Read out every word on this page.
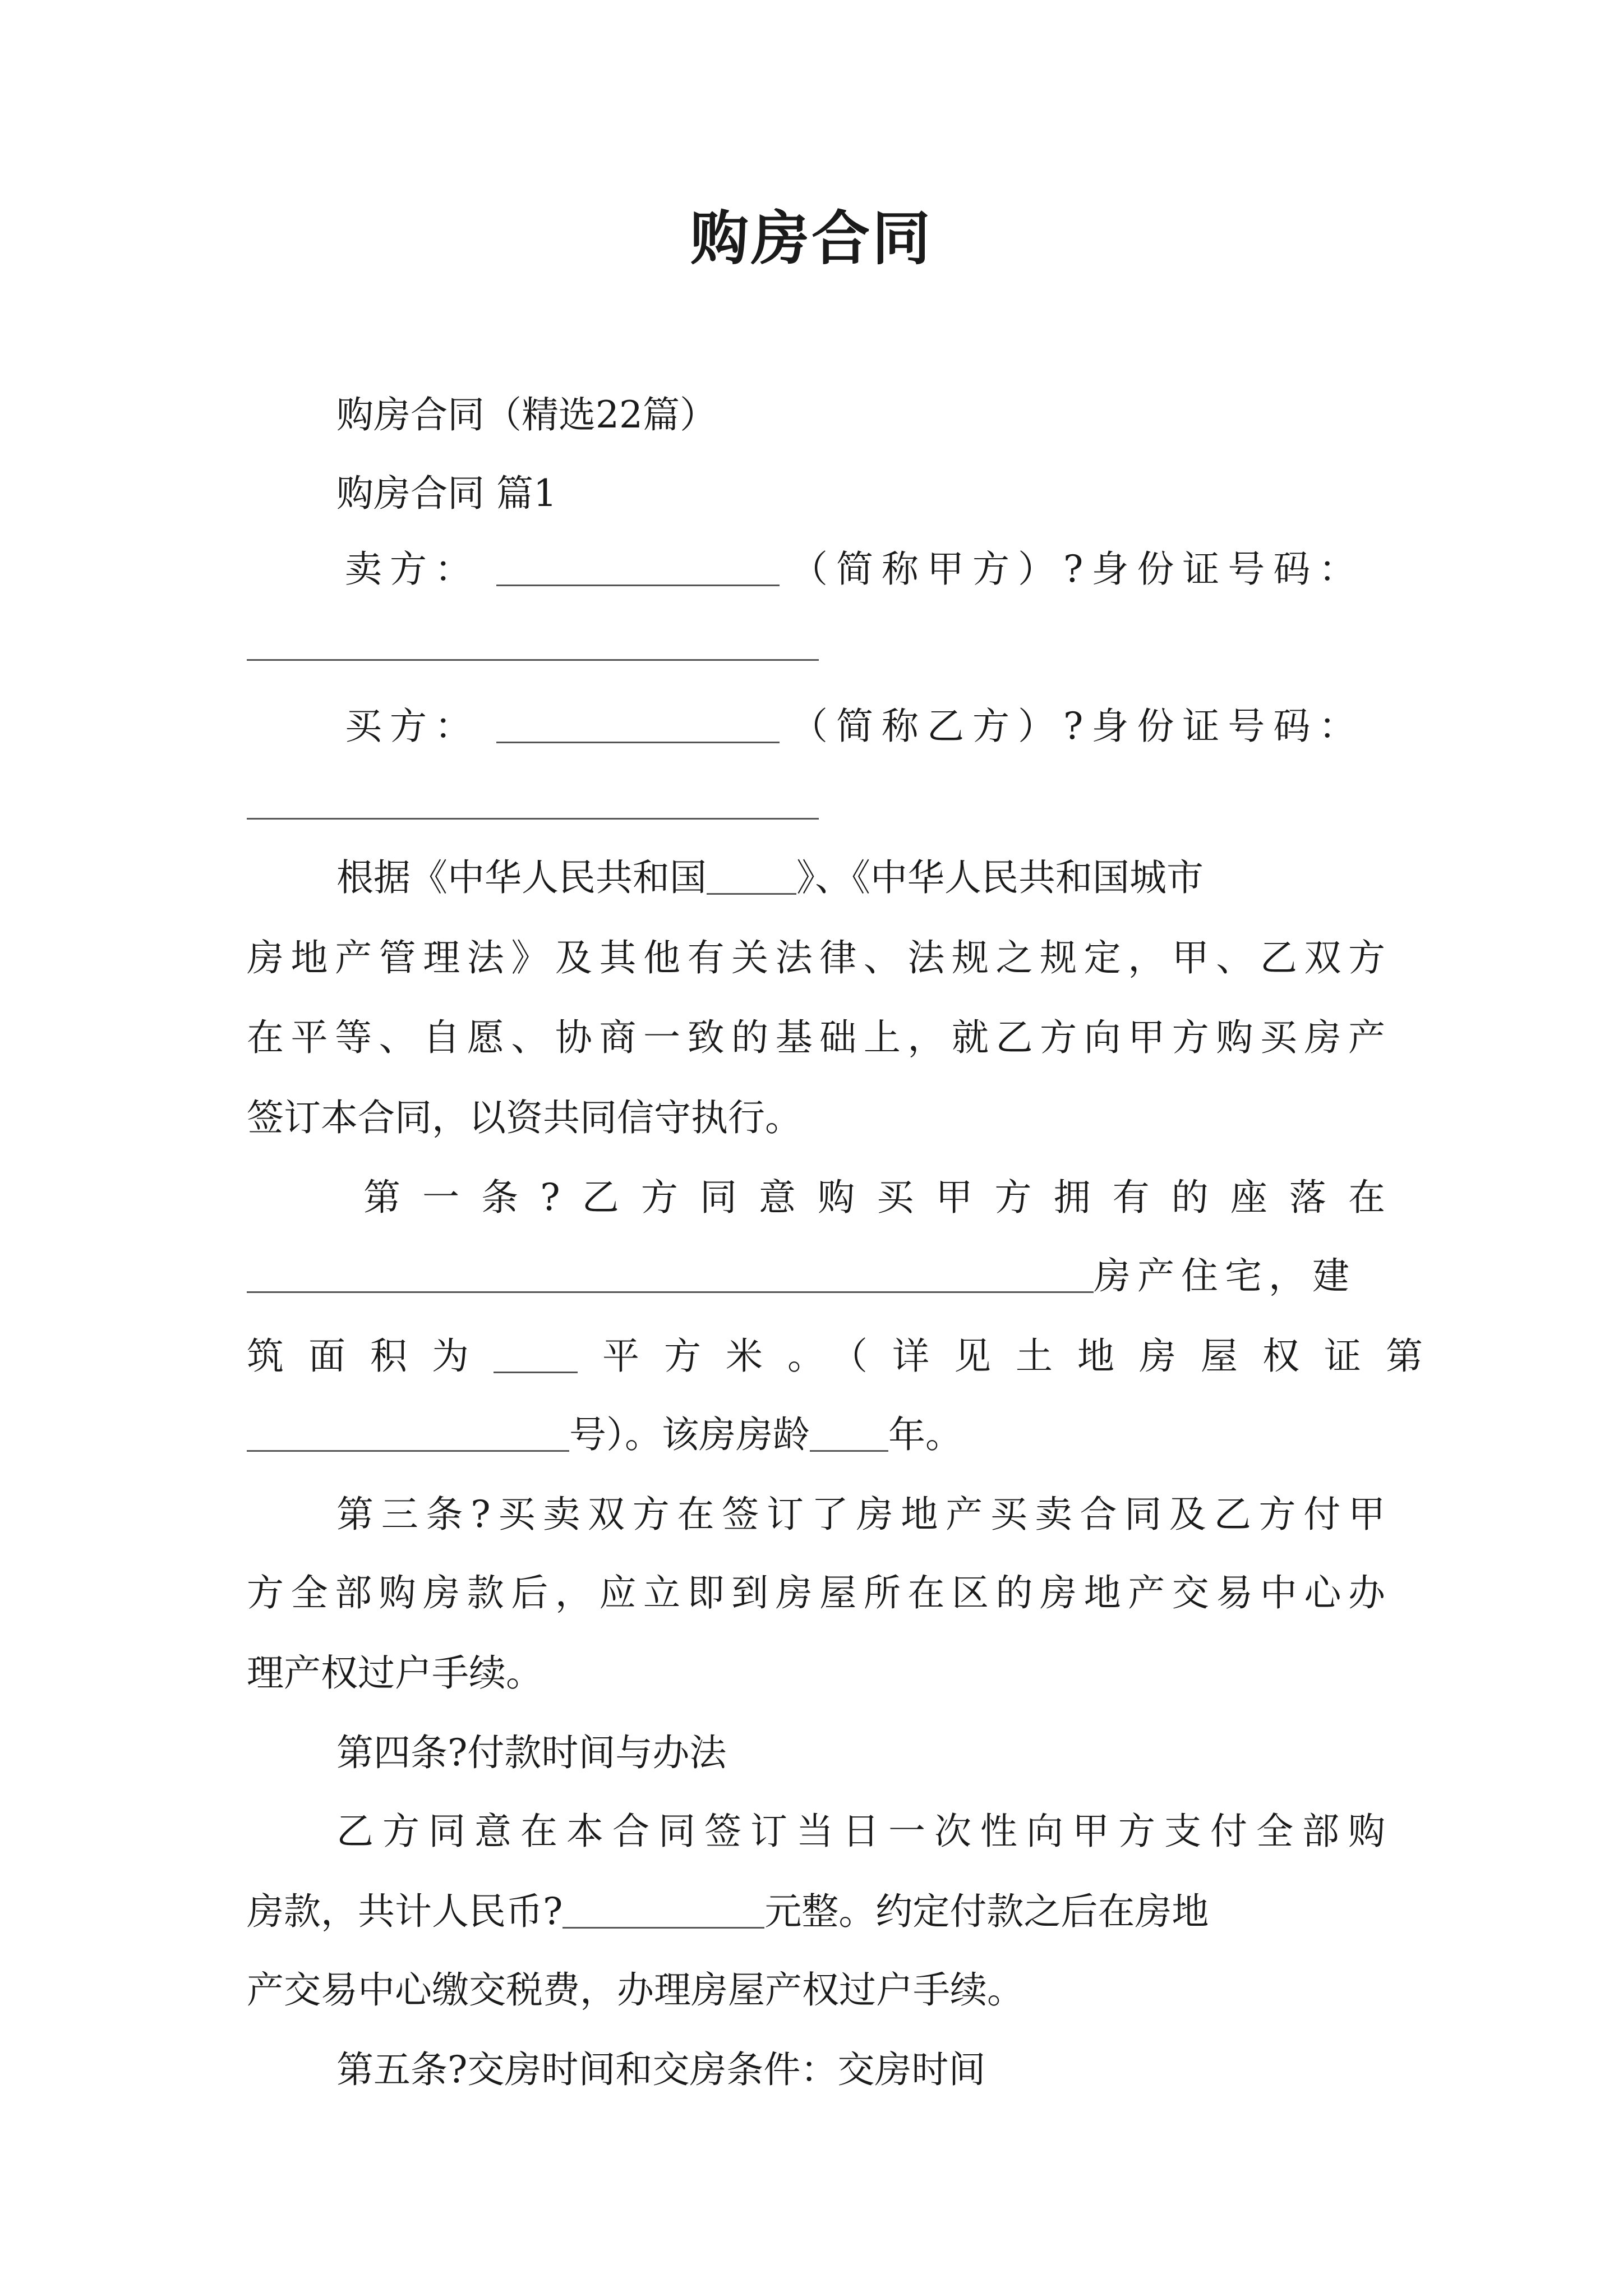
购房合同
购房合同（精选22篇）
购房合同 篇1
卖方：	（简称甲方）?身份证号码：
买方：	（简称乙方）?身份证号码：
根据《中华人民共和国 》、《中华人民共和国城市
房地产管理法》及其他有关法律、法规之规定，甲、乙双方
在平等、自愿、协商一致的基础上，就乙方向甲方购买房产
签订本合同，以资共同信守执行。
第一条?乙方同意购买甲方拥有的座落在
房产住宅，建
筑面积为	平方米。（详见土地房屋权证第
号）。该房房龄 年。
第三条?买卖双方在签订了房地产买卖合同及乙方付甲
方全部购房款后，应立即到房屋所在区的房地产交易中心办
理产权过户手续。
第四条?付款时间与办法
乙方同意在本合同签订当日一次性向甲方支付全部购
房款，共计人民币?	元整。约定付款之后在房地
产交易中心缴交税费，办理房屋产权过户手续。
第五条?交房时间和交房条件：交房时间
